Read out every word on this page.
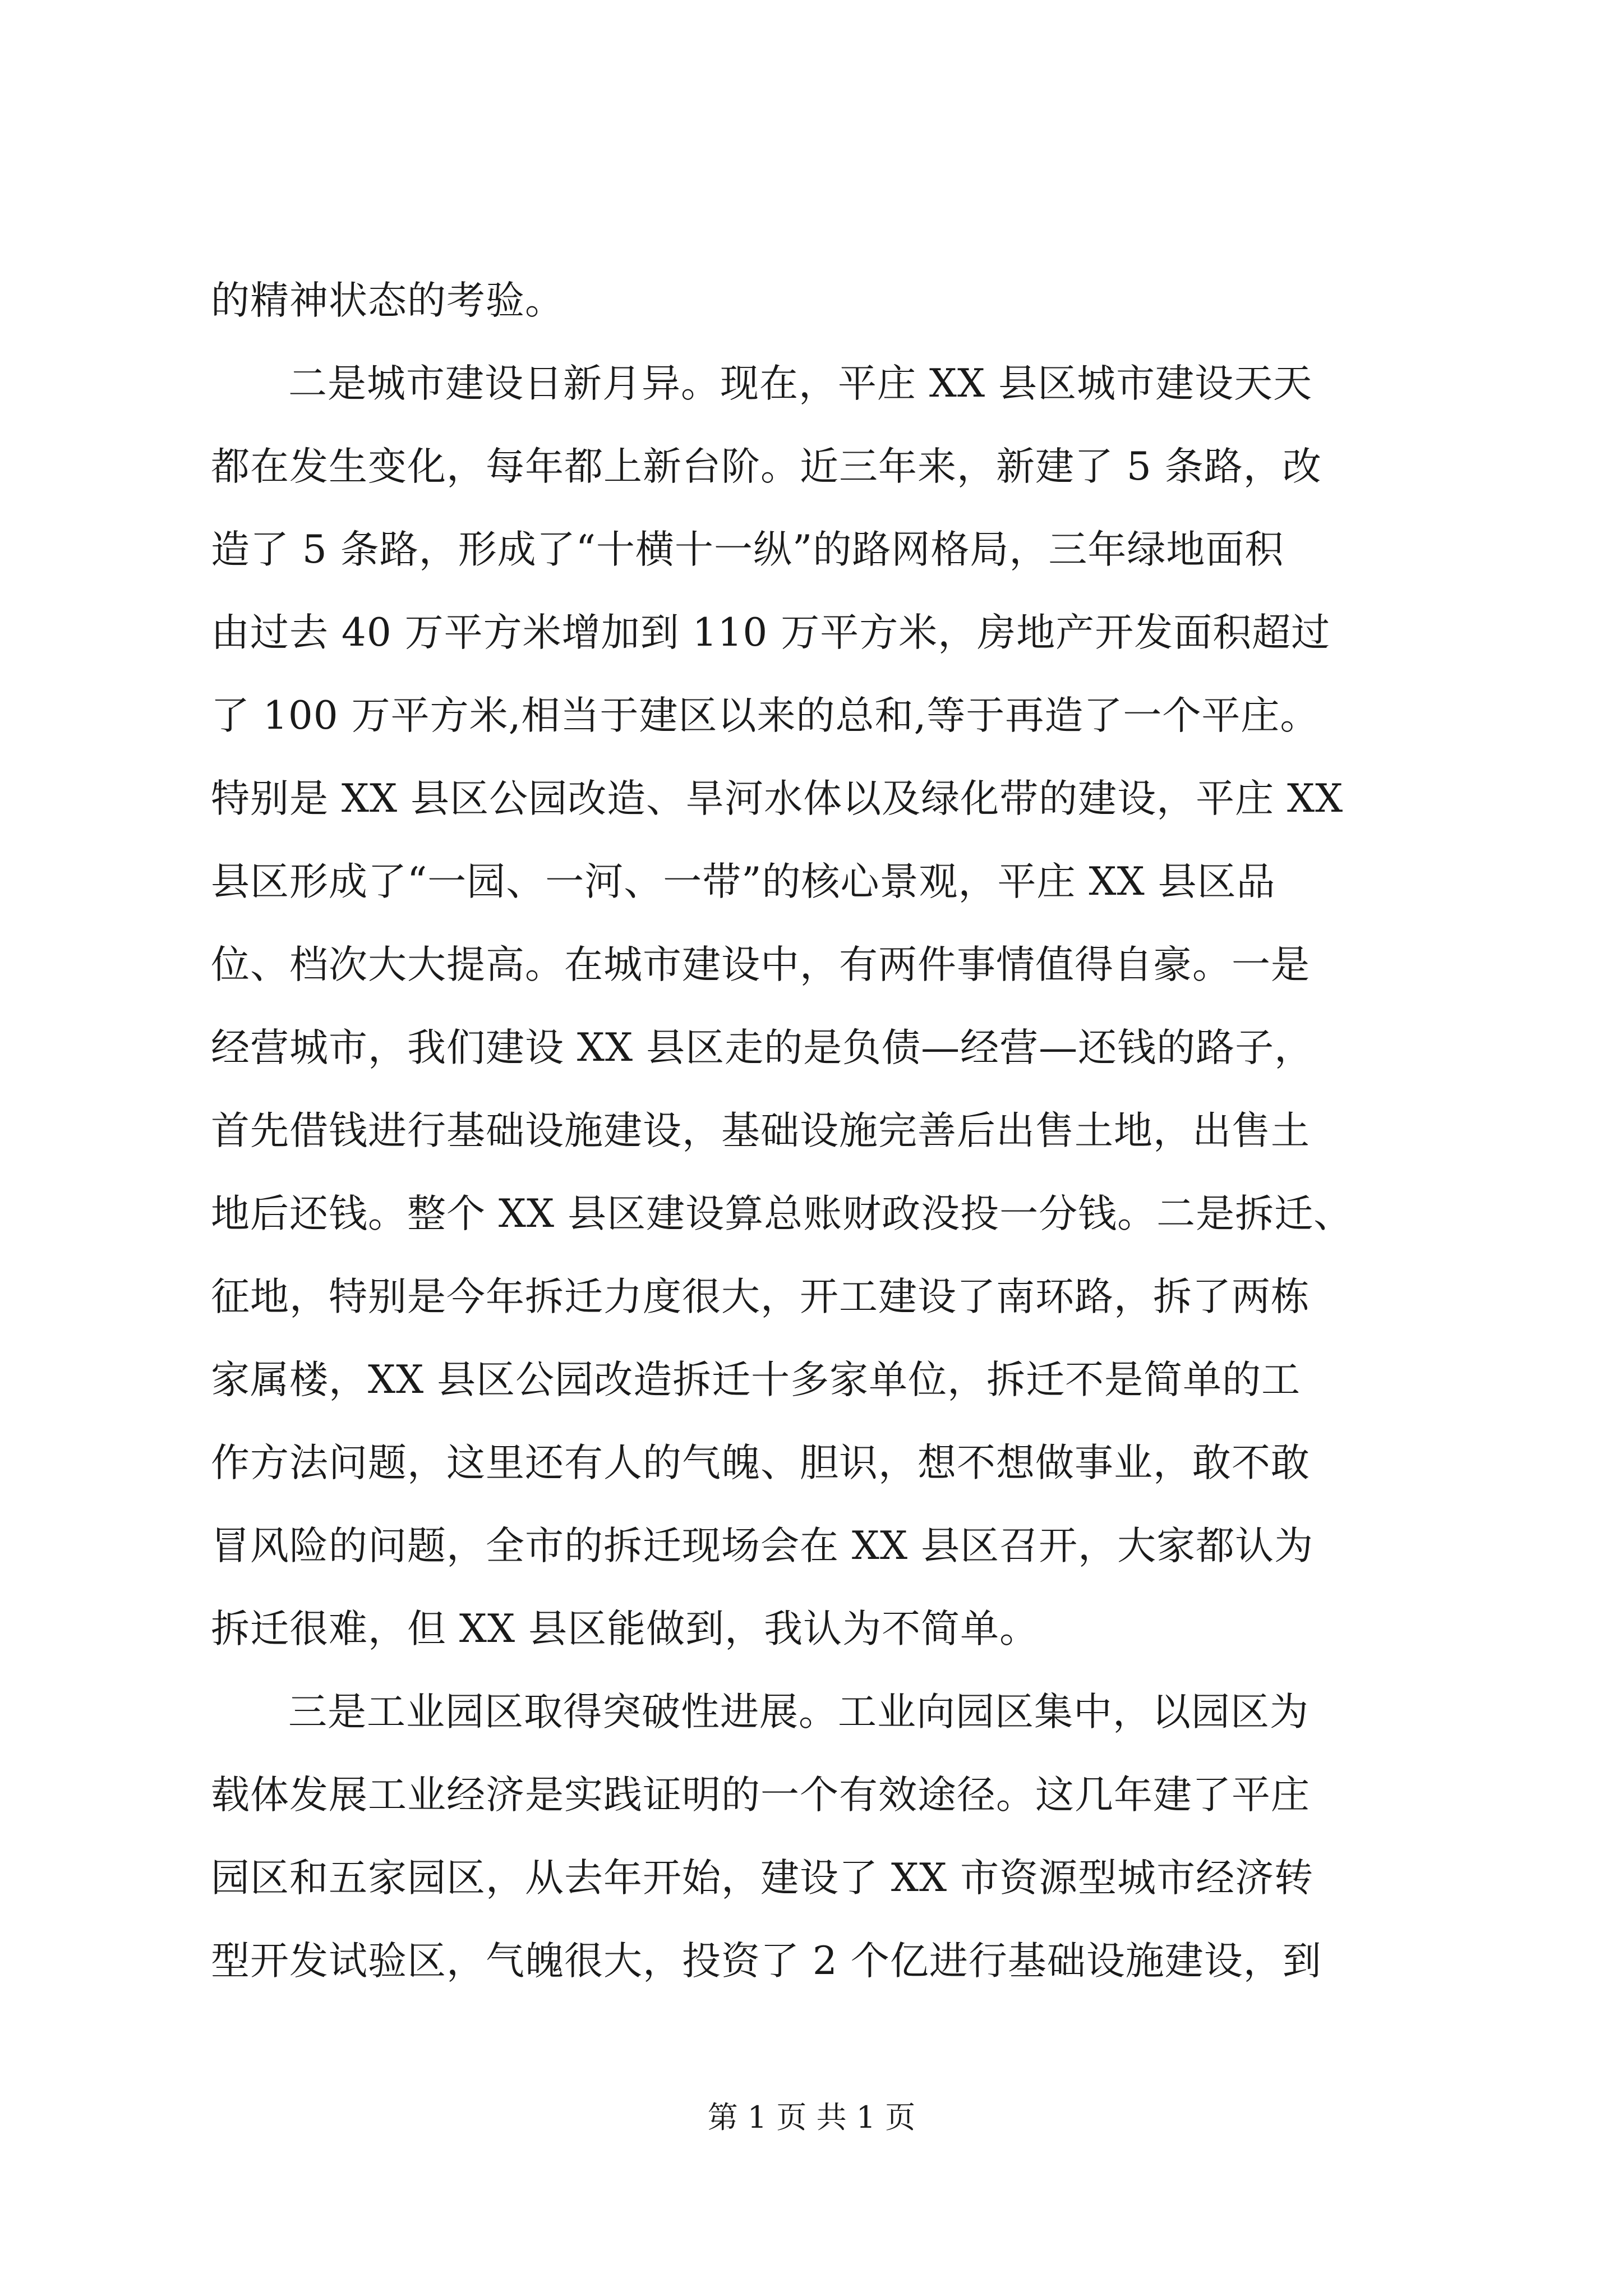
的精神状态的考验。
二是城市建设日新月异。现在，平庄 XX 县区城市建设天天
都在发生变化，每年都上新台阶。近三年来，新建了 5 条路，改
造了 5 条路，形成了“十横十一纵”的路网格局，三年绿地面积
由过去 40 万平方米增加到 110 万平方米，房地产开发面积超过
了 100 万平方米,相当于建区以来的总和,等于再造了一个平庄。
特别是 XX 县区公园改造、旱河水体以及绿化带的建设，平庄 XX
县区形成了“一园、一河、一带”的核心景观，平庄 XX 县区品
位、档次大大提高。在城市建设中，有两件事情值得自豪。一是
经营城市，我们建设 XX 县区走的是负债—经营—还钱的路子，
首先借钱进行基础设施建设，基础设施完善后出售土地，出售土
地后还钱。整个 XX 县区建设算总账财政没投一分钱。二是拆迁、
征地，特别是今年拆迁力度很大，开工建设了南环路，拆了两栋
家属楼，XX 县区公园改造拆迁十多家单位，拆迁不是简单的工
作方法问题，这里还有人的气魄、胆识，想不想做事业，敢不敢
冒风险的问题，全市的拆迁现场会在 XX 县区召开，大家都认为
拆迁很难，但 XX 县区能做到，我认为不简单。
三是工业园区取得突破性进展。工业向园区集中，以园区为
载体发展工业经济是实践证明的一个有效途径。这几年建了平庄
园区和五家园区，从去年开始，建设了 XX 市资源型城市经济转
型开发试验区，气魄很大，投资了 2 个亿进行基础设施建设，到
第 1 页 共 1 页
